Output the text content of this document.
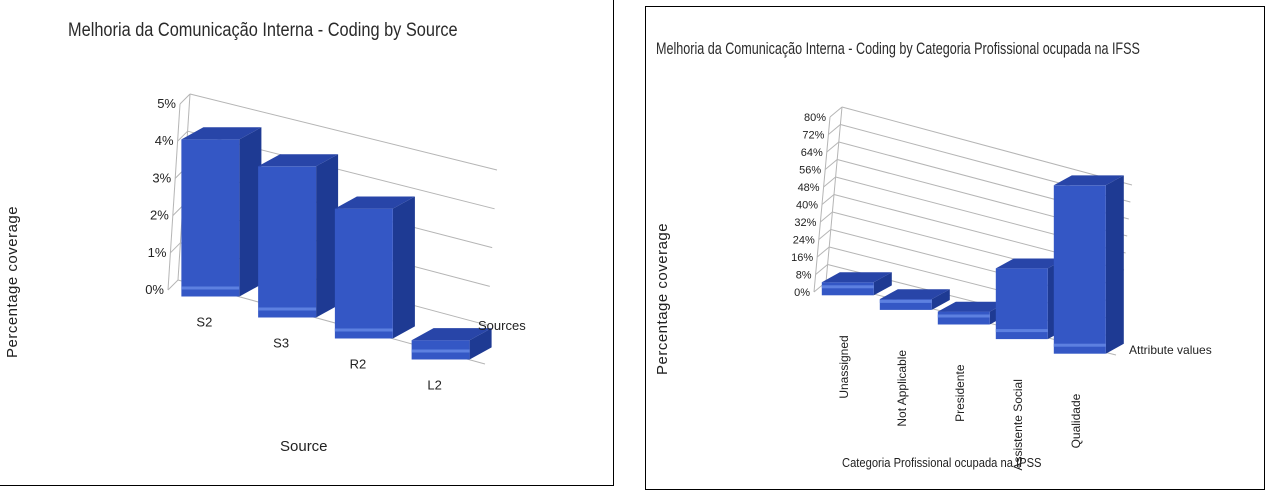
Melhoria da Comunicação Interna - Coding by Source
Percentage coverage
Source
0%
1%
2%
3%
4%
5%
S2
S3
R2
L2
Sources
Melhoria da Comunicação Interna - Coding by Categoria Profissional ocupada na IFSS
Percentage coverage
Categoria Profissional ocupada na IPSS
0%
8%
16%
24%
32%
40%
48%
56%
64%
72%
80%
Unassigned	Not Applicable	Presidente	Assistente Social	Qualidade
Attribute values
